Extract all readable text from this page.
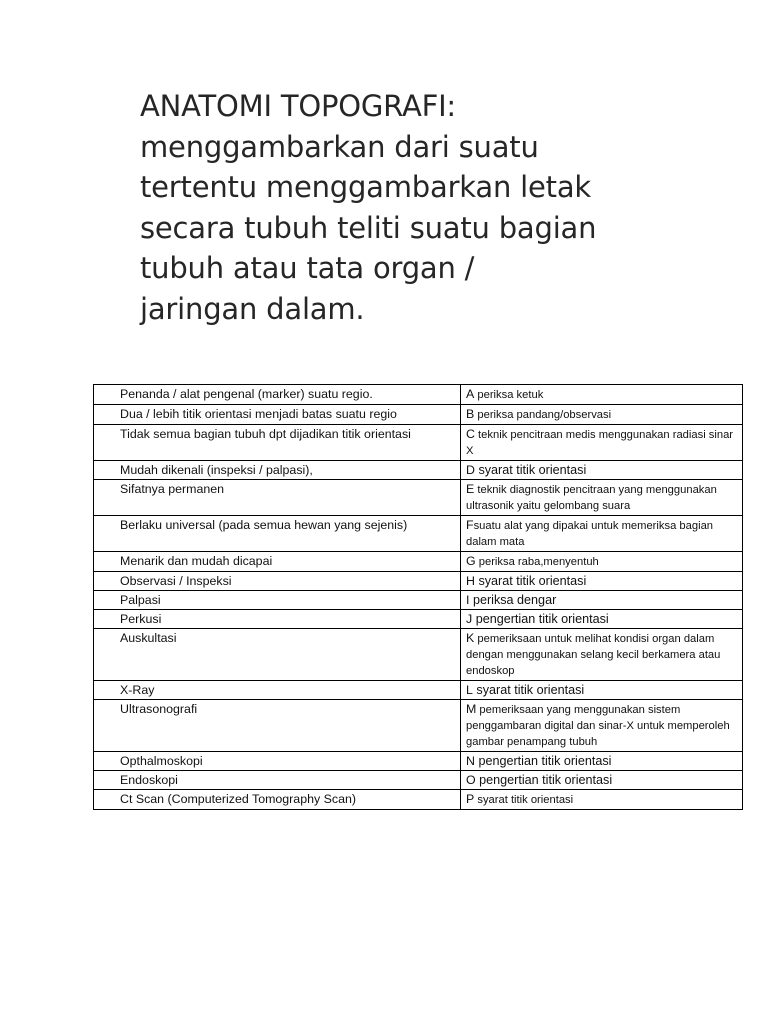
ANATOMI TOPOGRAFI:
menggambarkan dari suatu
tertentu menggambarkan letak
secara tubuh teliti suatu bagian
tubuh atau tata organ /
jaringan dalam.
Penanda / alat pengenal (marker) suatu regio.	A periksa ketuk
Dua / lebih titik orientasi menjadi batas suatu regio	B periksa pandang/observasi
Tidak semua bagian tubuh dpt dijadikan titik orientasi	C teknik pencitraan medis menggunakan radiasi sinar X
Mudah dikenali (inspeksi / palpasi),	D syarat titik orientasi
Sifatnya permanen	E teknik diagnostik pencitraan yang menggunakan ultrasonik yaitu gelombang suara
Berlaku universal (pada semua hewan yang sejenis)	Fsuatu alat yang dipakai untuk memeriksa bagian dalam mata
Menarik dan mudah dicapai	G periksa raba,menyentuh
Observasi / Inspeksi	H syarat titik orientasi
Palpasi	I periksa dengar
Perkusi	J pengertian titik orientasi
Auskultasi	K pemeriksaan untuk melihat kondisi organ dalam dengan menggunakan selang kecil berkamera atau endoskop
X-Ray	L syarat titik orientasi
Ultrasonografi	M pemeriksaan yang menggunakan sistem penggambaran digital dan sinar-X untuk memperoleh gambar penampang tubuh
Opthalmoskopi	N pengertian titik orientasi
Endoskopi	O pengertian titik orientasi
Ct Scan (Computerized Tomography Scan)	P syarat titik orientasi
